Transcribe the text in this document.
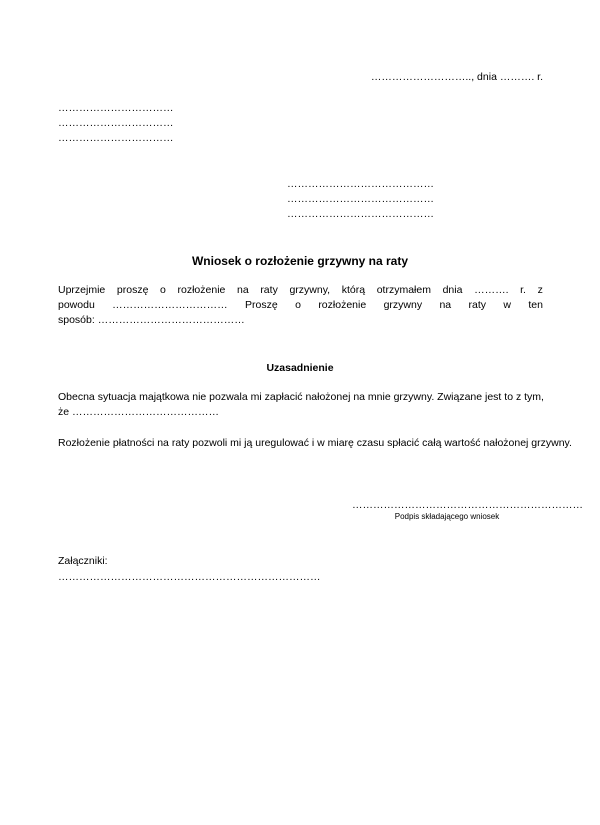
……………………….., dnia ………. r.
……………………………
……………………………
……………………………
……………………………………
……………………………………
……………………………………
Wniosek o rozłożenie grzywny na raty
Uprzejmie proszę o rozłożenie na raty grzywny, którą otrzymałem dnia ………. r. z
powodu …………………………… Proszę o rozłożenie grzywny na raty w ten
sposób: ……………………………………
Uzasadnienie
Obecna sytuacja majątkowa nie pozwala mi zapłacić nałożonej na mnie grzywny. Związane jest to z tym,
że ……………………………………
Rozłożenie płatności na raty pozwoli mi ją uregulować i w miarę czasu spłacić całą wartość nałożonej grzywny.
…………………………………………………………
Podpis składającego wniosek
Załączniki:
…………………………………………………………………
